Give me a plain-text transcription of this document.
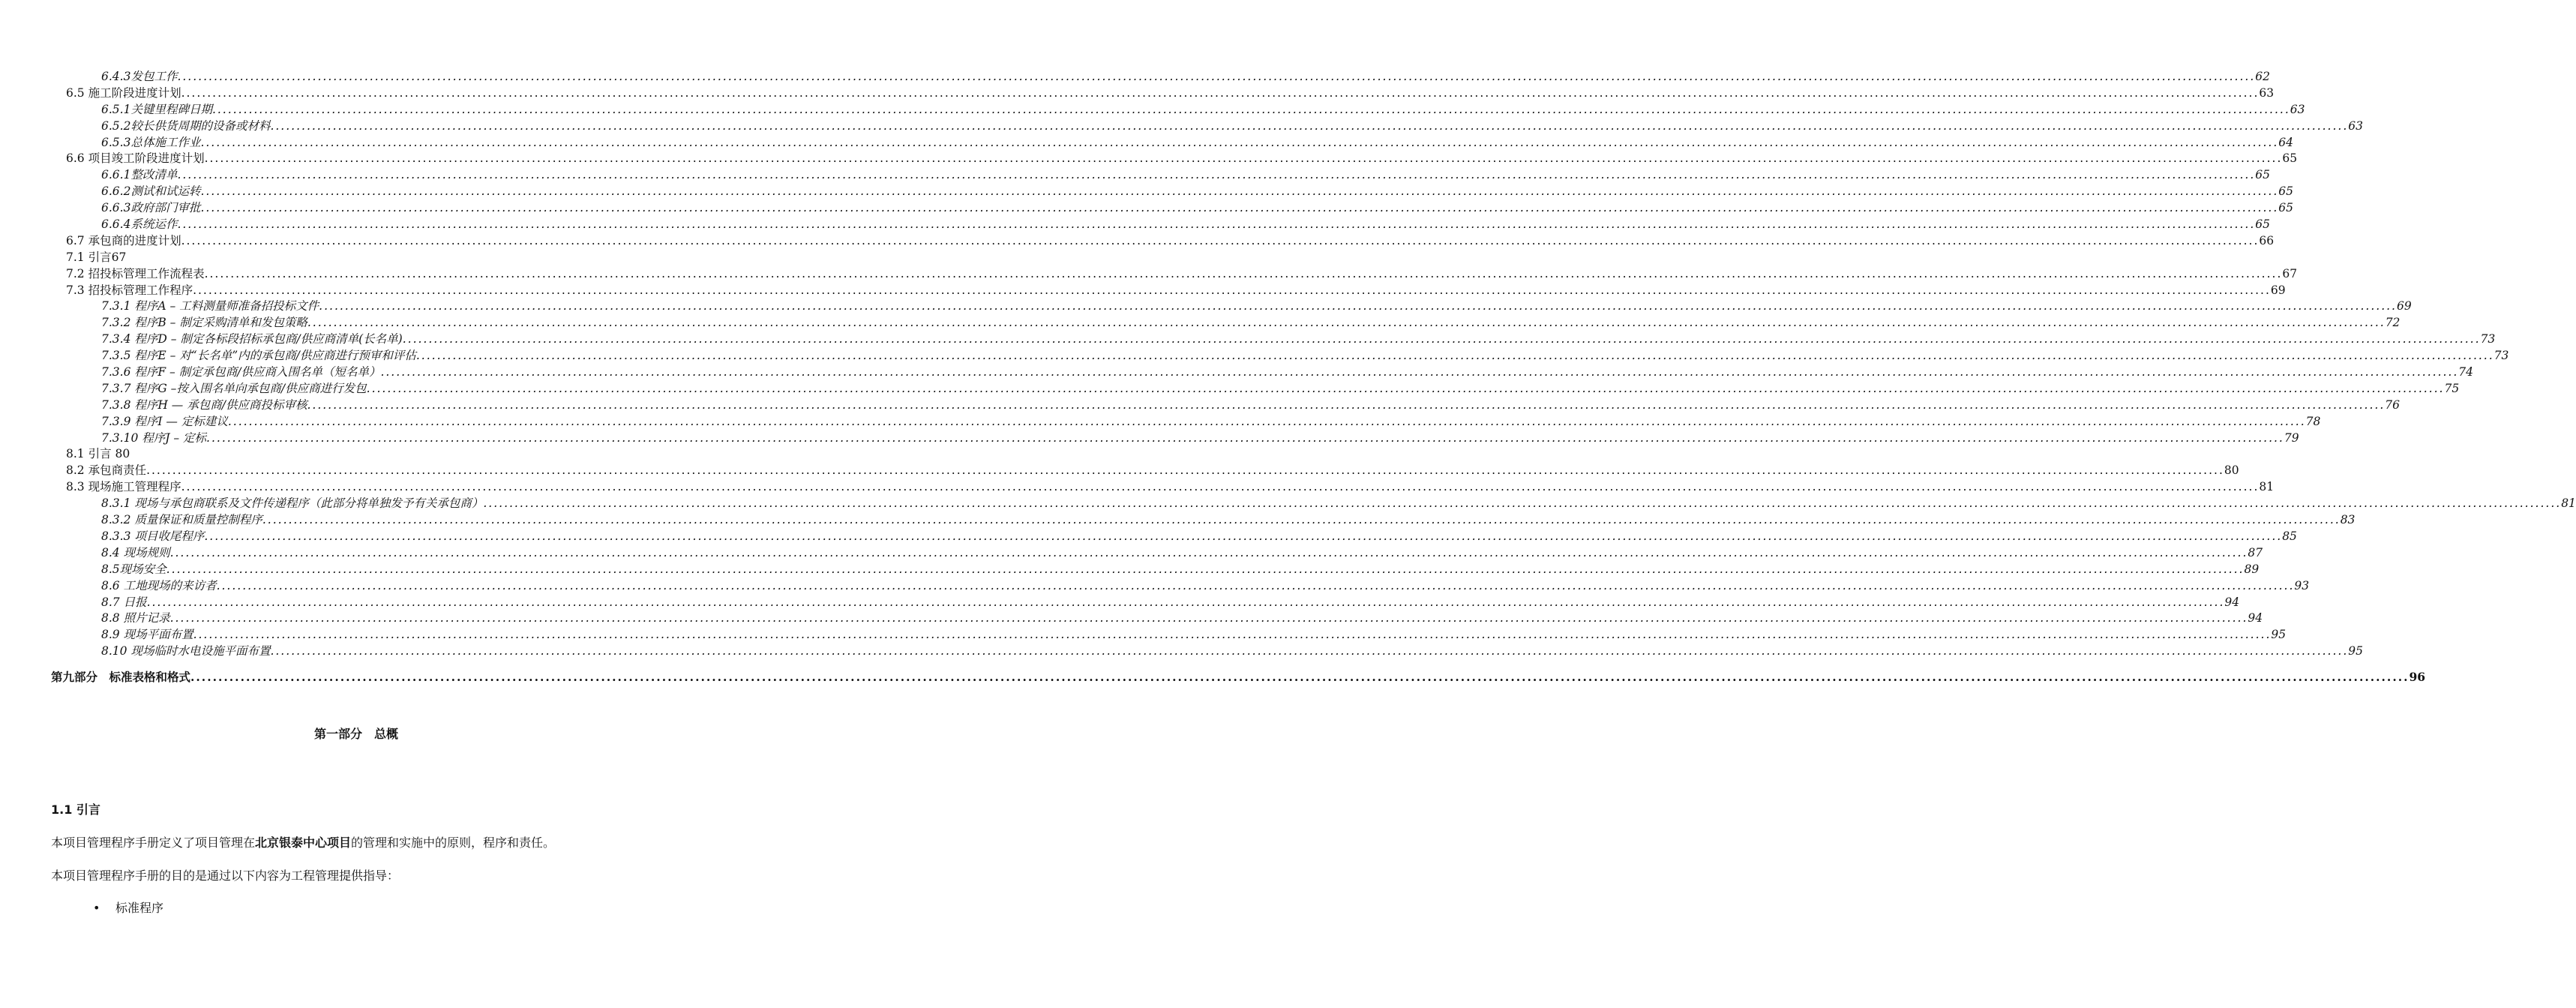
6.4.3发包工作 ................................................................................................................................................................................................................................................................................................................................................................................................................ 62
6.5 施工阶段进度计划 ................................................................................................................................................................................................................................................................................................................................................................................................................ 63
6.5.1关键里程碑日期 ................................................................................................................................................................................................................................................................................................................................................................................................................ 63
6.5.2较长供货周期的设备或材料 ................................................................................................................................................................................................................................................................................................................................................................................................................ 63
6.5.3总体施工作业 ................................................................................................................................................................................................................................................................................................................................................................................................................ 64
6.6 项目竣工阶段进度计划 ................................................................................................................................................................................................................................................................................................................................................................................................................ 65
6.6.1整改清单 ................................................................................................................................................................................................................................................................................................................................................................................................................ 65
6.6.2测试和试运转 ................................................................................................................................................................................................................................................................................................................................................................................................................ 65
6.6.3政府部门审批 ................................................................................................................................................................................................................................................................................................................................................................................................................ 65
6.6.4系统运作 ................................................................................................................................................................................................................................................................................................................................................................................................................ 65
6.7 承包商的进度计划 ................................................................................................................................................................................................................................................................................................................................................................................................................ 66
7.1 引言67
7.2 招投标管理工作流程表 ................................................................................................................................................................................................................................................................................................................................................................................................................ 67
7.3 招投标管理工作程序 ................................................................................................................................................................................................................................................................................................................................................................................................................ 69
7.3.1 程序A – 工料测量师准备招投标文件 ................................................................................................................................................................................................................................................................................................................................................................................................................ 69
7.3.2 程序B – 制定采购清单和发包策略 ................................................................................................................................................................................................................................................................................................................................................................................................................ 72
7.3.4 程序D – 制定各标段招标承包商/供应商清单(长名单) ................................................................................................................................................................................................................................................................................................................................................................................................................ 73
7.3.5 程序E – 对“长名单”内的承包商/供应商进行预审和评估 ................................................................................................................................................................................................................................................................................................................................................................................................................ 73
7.3.6 程序F – 制定承包商/供应商入围名单（短名单） ................................................................................................................................................................................................................................................................................................................................................................................................................ 74
7.3.7 程序G –按入围名单向承包商/供应商进行发包 ................................................................................................................................................................................................................................................................................................................................................................................................................ 75
7.3.8 程序H — 承包商/供应商投标审核 ................................................................................................................................................................................................................................................................................................................................................................................................................ 76
7.3.9 程序I — 定标建议 ................................................................................................................................................................................................................................................................................................................................................................................................................ 78
7.3.10 程序J – 定标 ................................................................................................................................................................................................................................................................................................................................................................................................................ 79
8.1 引言 80
8.2 承包商责任 ................................................................................................................................................................................................................................................................................................................................................................................................................ 80
8.3 现场施工管理程序 ................................................................................................................................................................................................................................................................................................................................................................................................................ 81
8.3.1 现场与承包商联系及文件传递程序（此部分将单独发予有关承包商） ................................................................................................................................................................................................................................................................................................................................................................................................................ 81
8.3.2 质量保证和质量控制程序 ................................................................................................................................................................................................................................................................................................................................................................................................................ 83
8.3.3 项目收尾程序 ................................................................................................................................................................................................................................................................................................................................................................................................................ 85
8.4 现场规则 ................................................................................................................................................................................................................................................................................................................................................................................................................ 87
8.5现场安全 ................................................................................................................................................................................................................................................................................................................................................................................................................ 89
8.6 工地现场的来访者 ................................................................................................................................................................................................................................................................................................................................................................................................................ 93
8.7 日报 ................................................................................................................................................................................................................................................................................................................................................................................................................ 94
8.8 照片记录 ................................................................................................................................................................................................................................................................................................................................................................................................................ 94
8.9 现场平面布置 ................................................................................................................................................................................................................................................................................................................................................................................................................ 95
8.10 现场临时水电设施平面布置 ................................................................................................................................................................................................................................................................................................................................................................................................................ 95
第九部分　标准表格和格式 ................................................................................................................................................................................................................................................................................................................................................................................................................ 96
第一部分　总概
1.1 引言
本项目管理程序手册定义了项目管理在北京银泰中心项目的管理和实施中的原则，程序和责任。
本项目管理程序手册的目的是通过以下内容为工程管理提供指导：
• 标准程序
